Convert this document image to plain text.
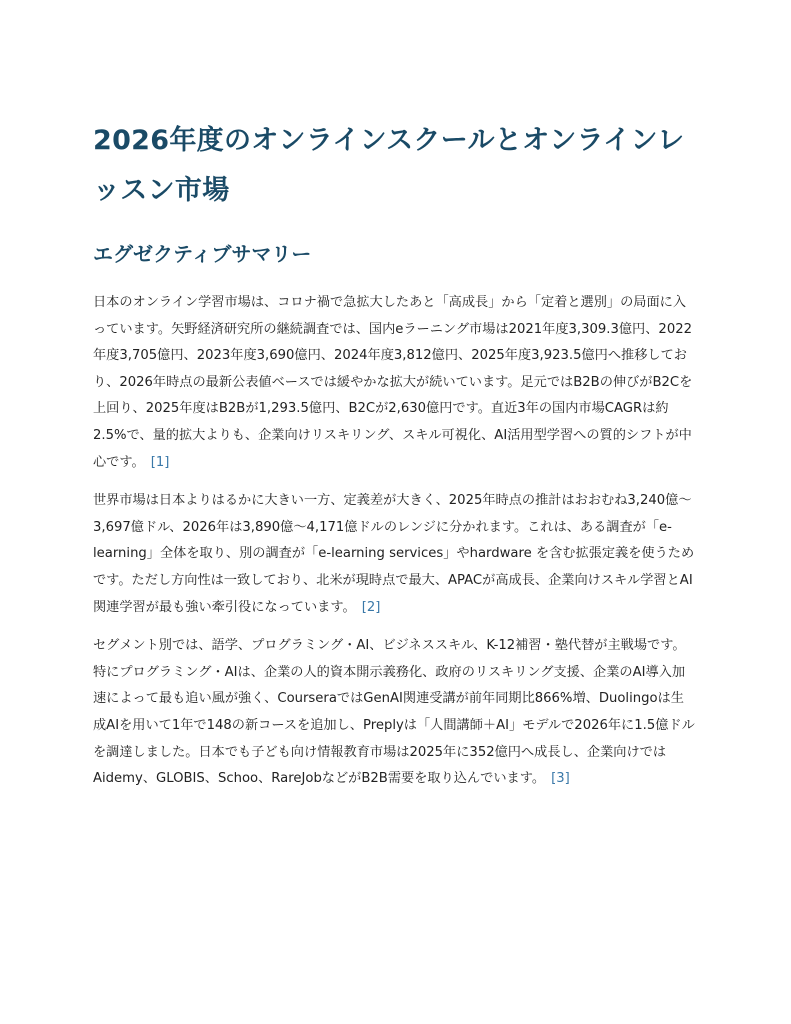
2026年度のオンラインスクールとオンラインレッスン市場
エグゼクティブサマリー

日本のオンライン学習市場は、コロナ禍で急拡大したあと「高成長」から「定着と選別」の局面に入っています。矢野経済研究所の継続調査では、国内eラーニング市場は2021年度3,309.3億円、2022年度3,705億円、2023年度3,690億円、2024年度3,812億円、2025年度3,923.5億円へ推移しており、2026年時点の最新公表値ベースでは緩やかな拡大が続いています。足元ではB2Bの伸びがB2Cを上回り、2025年度はB2Bが1,293.5億円、B2Cが2,630億円です。直近3年の国内市場CAGRは約2.5%で、量的拡大よりも、企業向けリスキリング、スキル可視化、AI活用型学習への質的シフトが中心です。 [1]

世界市場は日本よりはるかに大きい一方、定義差が大きく、2025年時点の推計はおおむね3,240億〜3,697億ドル、2026年は3,890億〜4,171億ドルのレンジに分かれます。これは、ある調査が「e-learning」全体を取り、別の調査が「e-learning services」やhardware を含む拡張定義を使うためです。ただし方向性は一致しており、北米が現時点で最大、APACが高成長、企業向けスキル学習とAI関連学習が最も強い牽引役になっています。 [2]

セグメント別では、語学、プログラミング・AI、ビジネススキル、K-12補習・塾代替が主戦場です。特にプログラミング・AIは、企業の人的資本開示義務化、政府のリスキリング支援、企業のAI導入加速によって最も追い風が強く、CourseraではGenAI関連受講が前年同期比866%増、Duolingoは生成AIを用いて1年で148の新コースを追加し、Preplyは「人間講師＋AI」モデルで2026年に1.5億ドルを調達しました。日本でも子ども向け情報教育市場は2025年に352億円へ成長し、企業向けではAidemy、GLOBIS、Schoo、RareJobなどがB2B需要を取り込んでいます。 [3]
